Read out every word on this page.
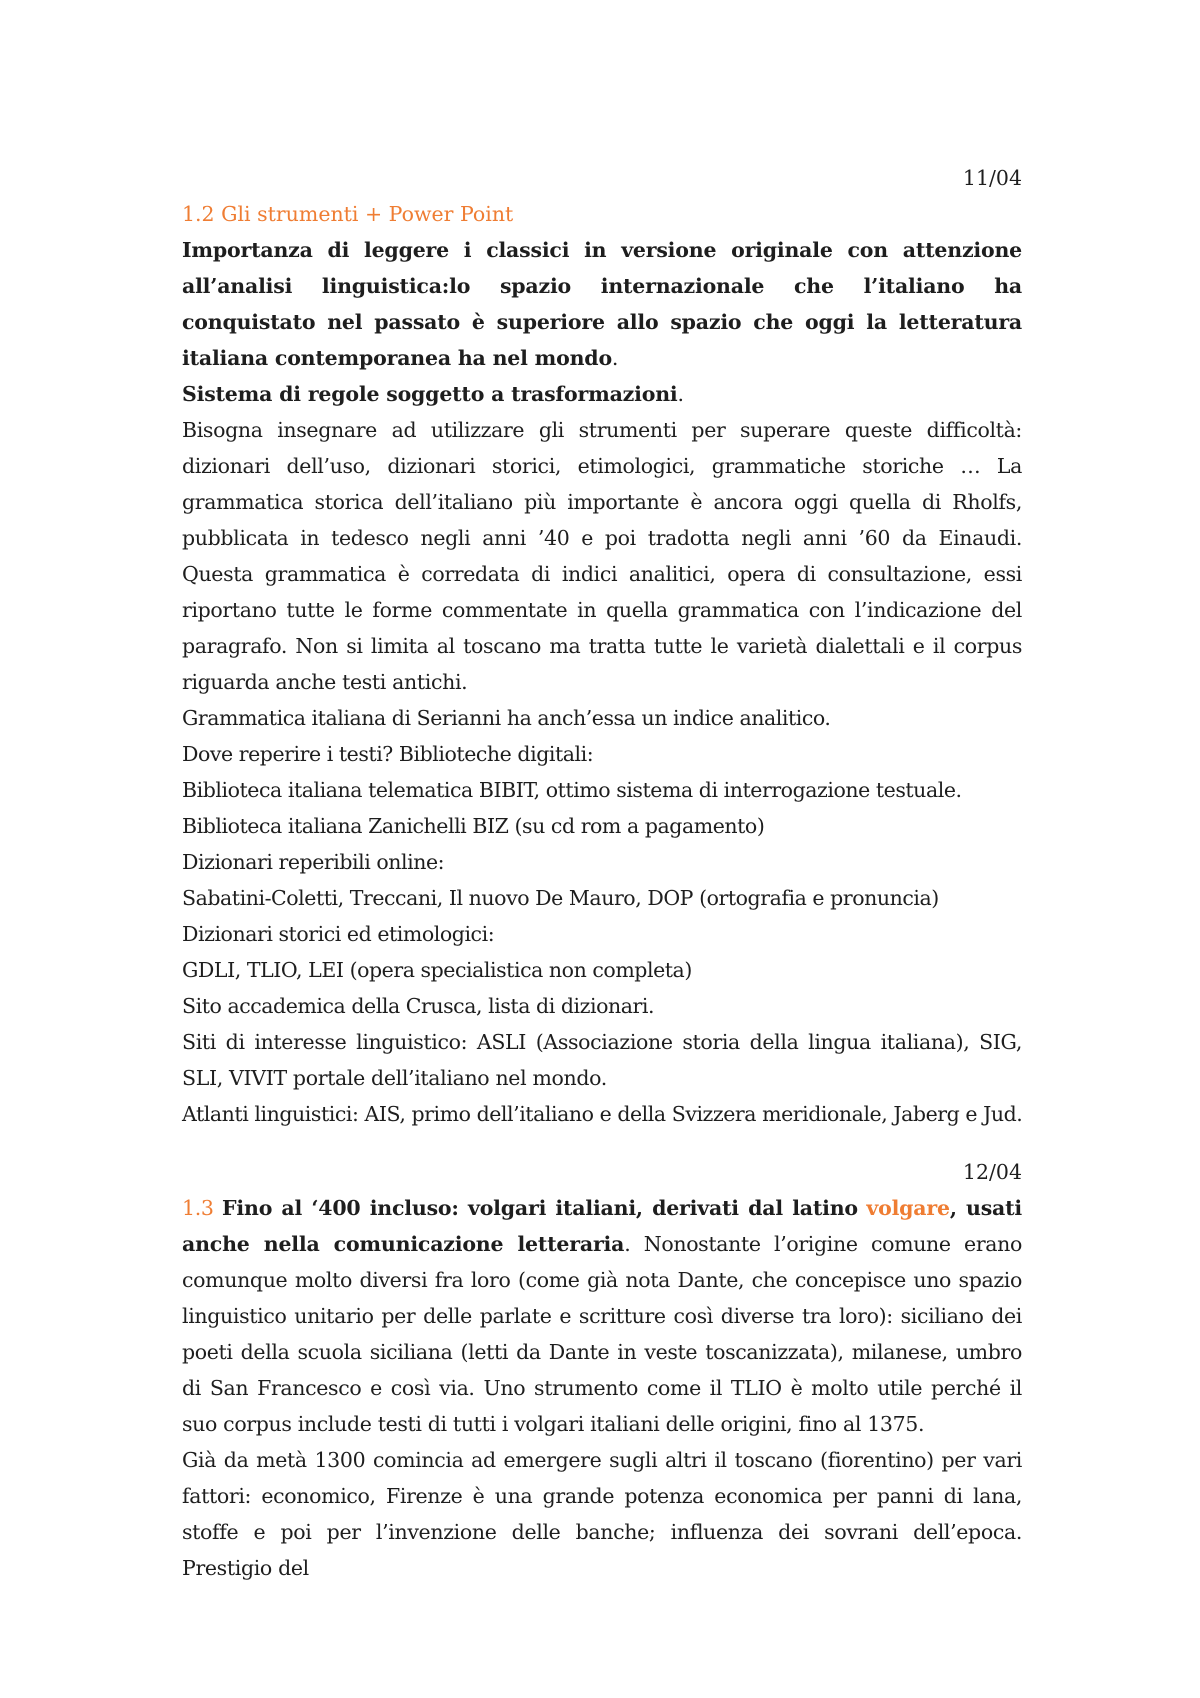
11/04

1.2 Gli strumenti + Power Point

Importanza di leggere i classici in versione originale con attenzione all’analisi linguistica:lo spazio internazionale che l’italiano ha conquistato nel passato è superiore allo spazio che oggi la letteratura italiana contemporanea ha nel mondo.

Sistema di regole soggetto a trasformazioni.

Bisogna insegnare ad utilizzare gli strumenti per superare queste difficoltà: dizionari dell’uso, dizionari storici, etimologici, grammatiche storiche … La grammatica storica dell’italiano più importante è ancora oggi quella di Rholfs, pubblicata in tedesco negli anni ’40 e poi tradotta negli anni ’60 da Einaudi. Questa grammatica è corredata di indici analitici, opera di consultazione, essi riportano tutte le forme commentate in quella grammatica con l’indicazione del paragrafo. Non si limita al toscano ma tratta tutte le varietà dialettali e il corpus riguarda anche testi antichi.

Grammatica italiana di Serianni ha anch’essa un indice analitico.

Dove reperire i testi? Biblioteche digitali:

Biblioteca italiana telematica BIBIT, ottimo sistema di interrogazione testuale.

Biblioteca italiana Zanichelli BIZ (su cd rom a pagamento)

Dizionari reperibili online:

Sabatini-Coletti, Treccani, Il nuovo De Mauro, DOP (ortografia e pronuncia)

Dizionari storici ed etimologici:

GDLI, TLIO, LEI (opera specialistica non completa)

Sito accademica della Crusca, lista di dizionari.

Siti di interesse linguistico: ASLI (Associazione storia della lingua italiana), SIG, SLI, VIVIT portale dell’italiano nel mondo.

Atlanti linguistici: AIS, primo dell’italiano e della Svizzera meridionale, Jaberg e Jud.

12/04

1.3 Fino al ‘400 incluso: volgari italiani, derivati dal latino volgare, usati anche nella comunicazione letteraria. Nonostante l’origine comune erano comunque molto diversi fra loro (come già nota Dante, che concepisce uno spazio linguistico unitario per delle parlate e scritture così diverse tra loro): siciliano dei poeti della scuola siciliana (letti da Dante in veste toscanizzata), milanese, umbro di San Francesco e così via. Uno strumento come il TLIO è molto utile perché il suo corpus include testi di tutti i volgari italiani delle origini, fino al 1375.

Già da metà 1300 comincia ad emergere sugli altri il toscano (fiorentino) per vari fattori: economico, Firenze è una grande potenza economica per panni di lana, stoffe e poi per l’invenzione delle banche; influenza dei sovrani dell’epoca. Prestigio del
